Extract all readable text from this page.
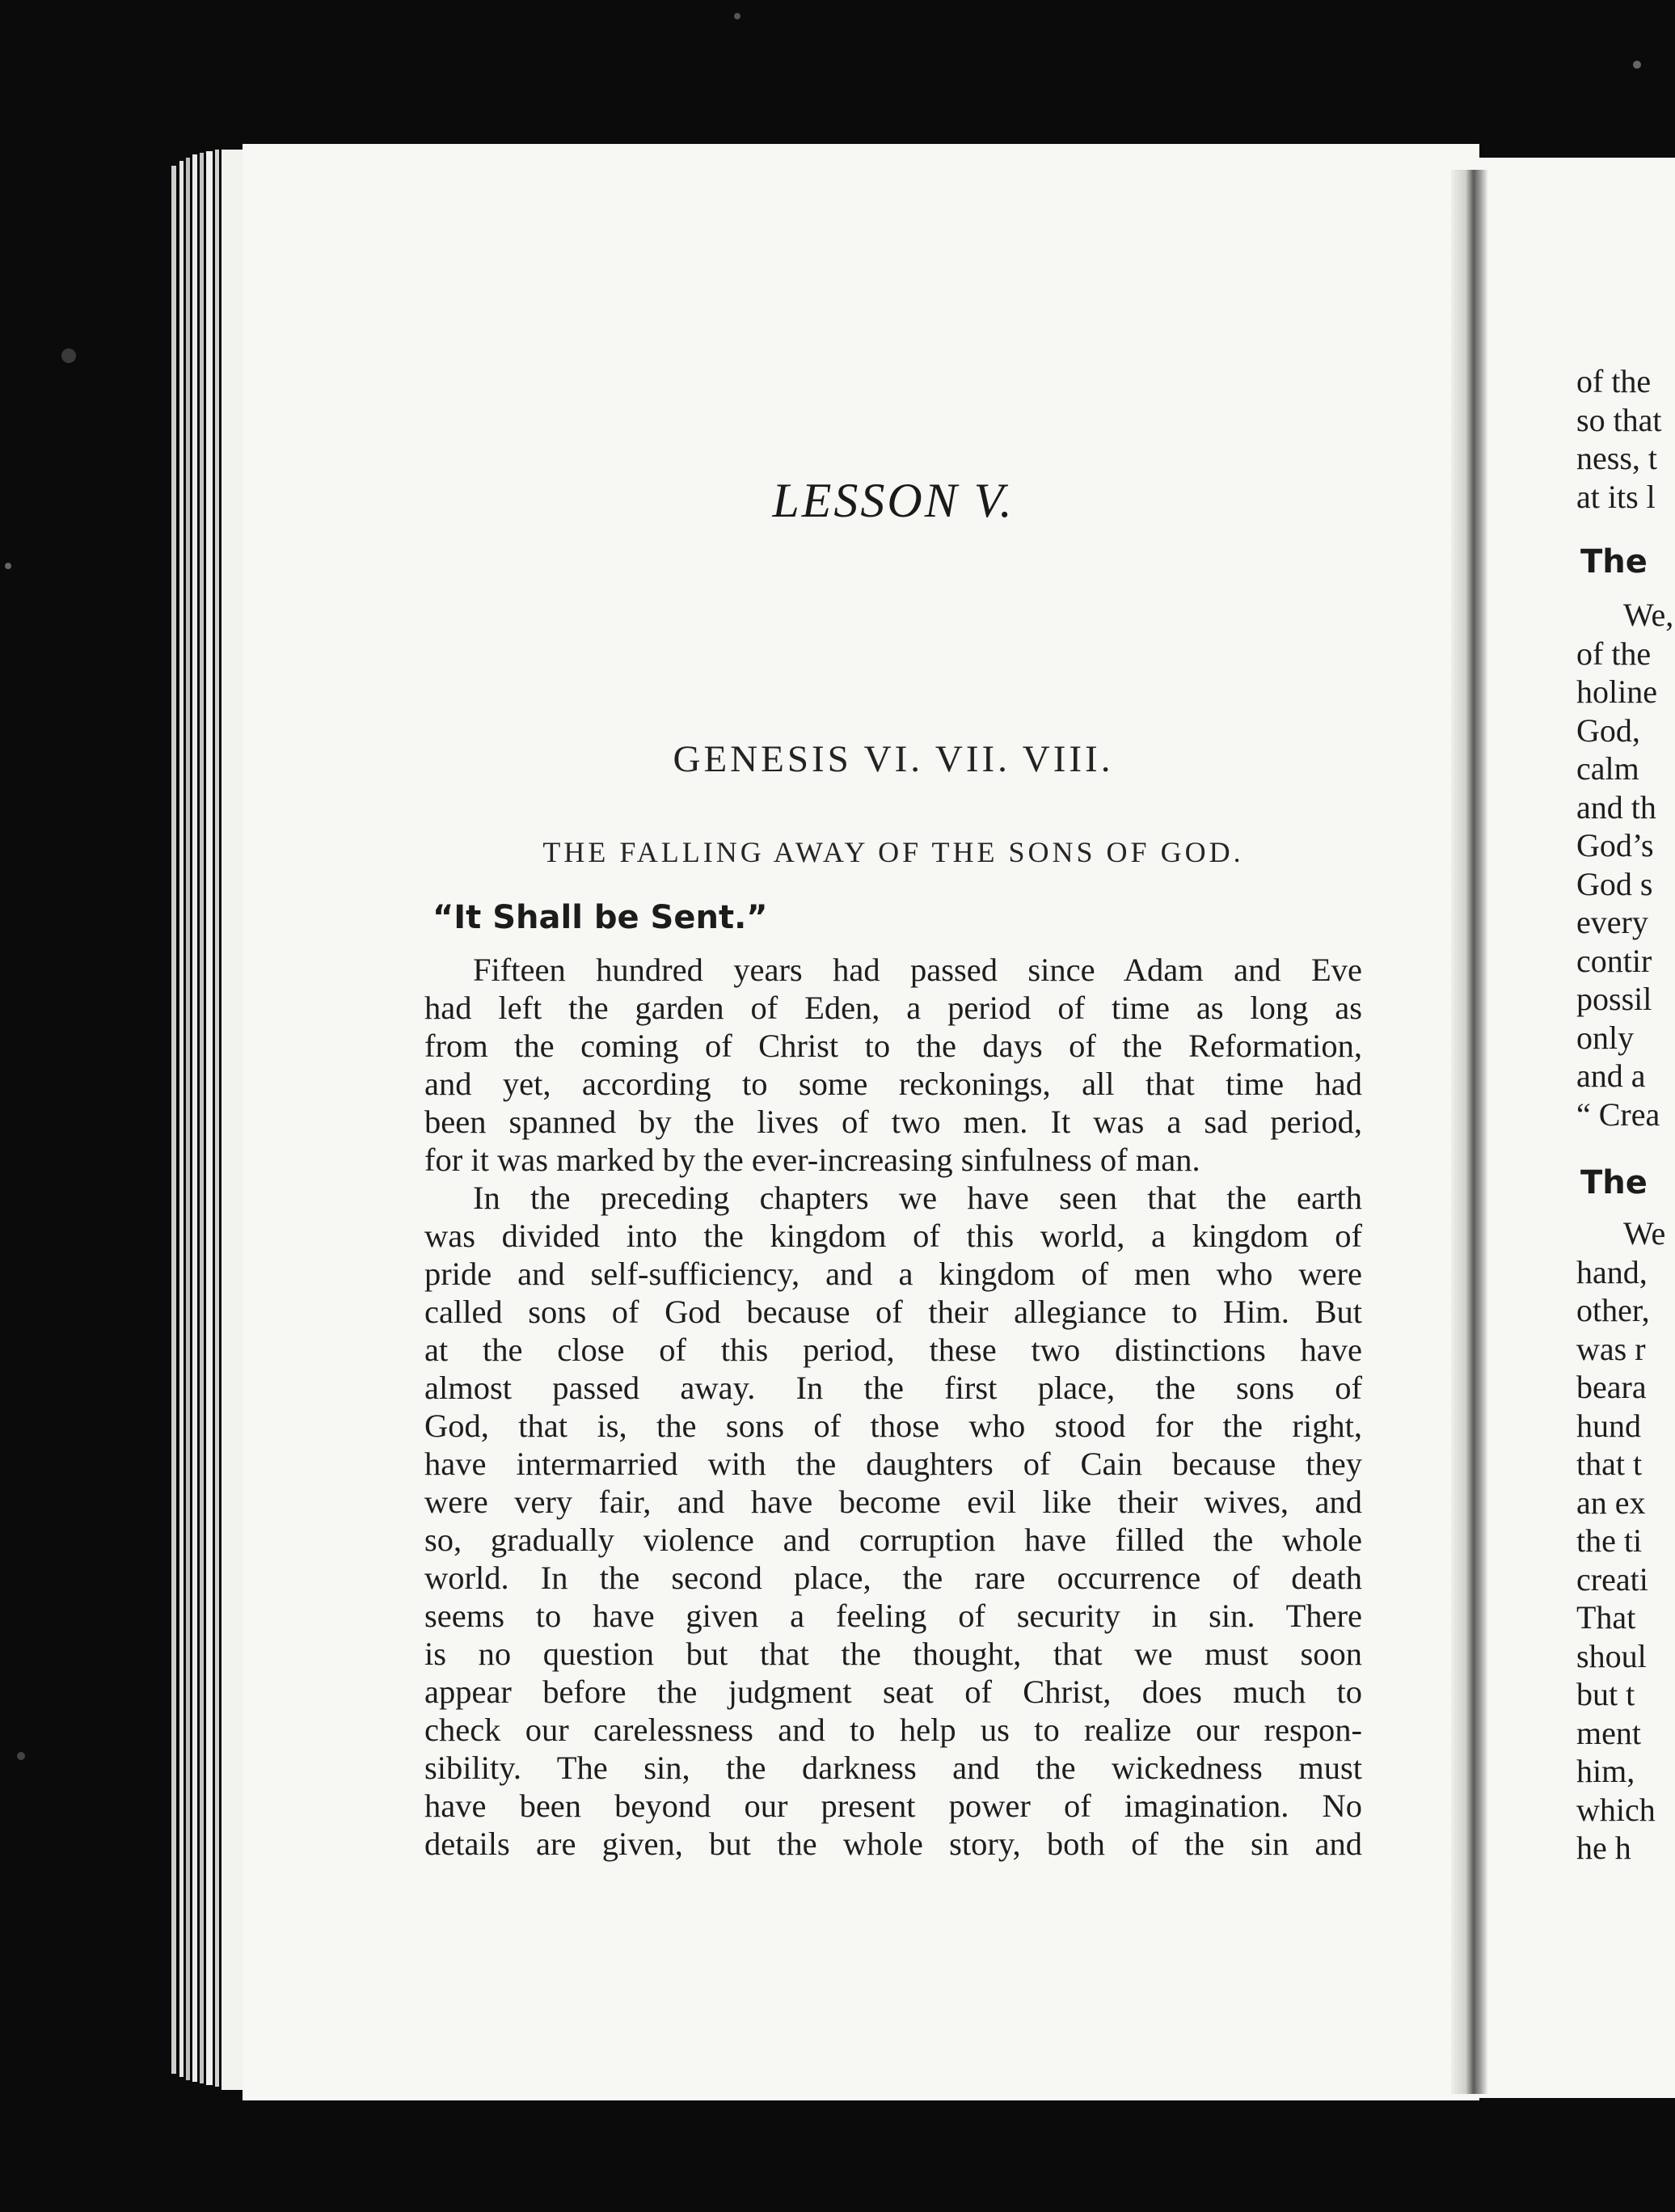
LESSON V.
GENESIS VI. VII. VIII.
THE FALLING AWAY OF THE SONS OF GOD.
“It Shall be Sent.”
Fifteen hundred years had passed since Adam and Eve
had left the garden of Eden, a period of time as long as
from the coming of Christ to the days of the Reformation,
and yet, according to some reckonings, all that time had
been spanned by the lives of two men. It was a sad period,
for it was marked by the ever-increasing sinfulness of man.
In the preceding chapters we have seen that the earth
was divided into the kingdom of this world, a kingdom of
pride and self-sufficiency, and a kingdom of men who were
called sons of God because of their allegiance to Him. But
at the close of this period, these two distinctions have
almost passed away. In the first place, the sons of
God, that is, the sons of those who stood for the right,
have intermarried with the daughters of Cain because they
were very fair, and have become evil like their wives, and
so, gradually violence and corruption have filled the whole
world. In the second place, the rare occurrence of death
seems to have given a feeling of security in sin. There
is no question but that the thought, that we must soon
appear before the judgment seat of Christ, does much to
check our carelessness and to help us to realize our respon-
sibility. The sin, the darkness and the wickedness must
have been beyond our present power of imagination. No
details are given, but the whole story, both of the sin and
of the
so that
ness, t
at its l
The
We,
of the
holine
God,
calm
and th
God’s
God s
every
contir
possil
only
and a
“ Crea
The
We
hand,
other,
was r
beara
hund
that t
an ex
the ti
creati
That
shoul
but t
ment
him,
which
he h
